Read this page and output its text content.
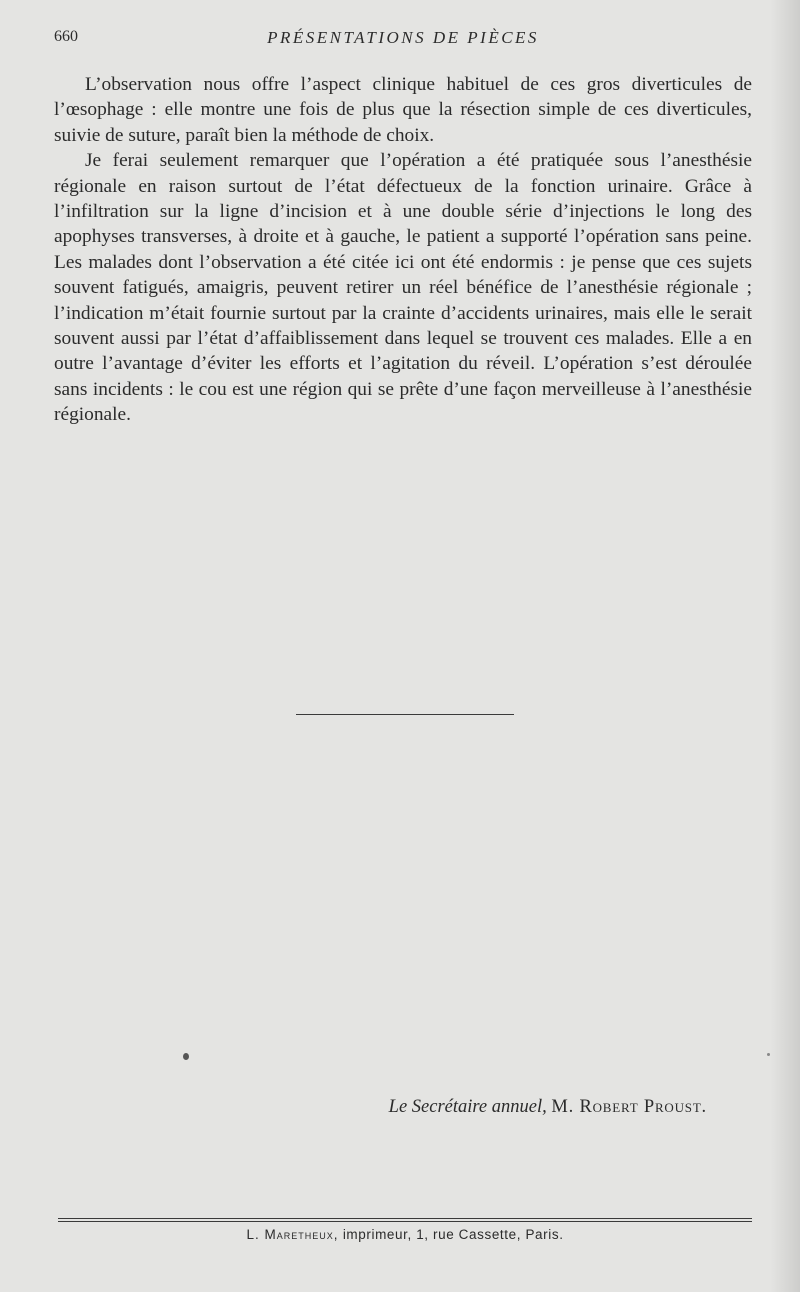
660	PRÉSENTATIONS DE PIÈCES

L’observation nous offre l’aspect clinique habituel de ces gros diverticules de l’œsophage : elle montre une fois de plus que la résection simple de ces diverticules, suivie de suture, paraît bien la méthode de choix.

Je ferai seulement remarquer que l’opération a été pratiquée sous l’anesthésie régionale en raison surtout de l’état défectueux de la fonction urinaire. Grâce à l’infiltration sur la ligne d’incision et à une double série d’injections le long des apophyses transverses, à droite et à gauche, le patient a supporté l’opération sans peine. Les malades dont l’observation a été citée ici ont été endormis : je pense que ces sujets souvent fatigués, amaigris, peuvent retirer un réel bénéfice de l’anesthésie régionale ; l’indication m’était fournie surtout par la crainte d’accidents urinaires, mais elle le serait souvent aussi par l’état d’affaiblissement dans lequel se trouvent ces malades. Elle a en outre l’avantage d’éviter les efforts et l’agitation du réveil. L’opération s’est déroulée sans incidents : le cou est une région qui se prête d’une façon merveilleuse à l’anesthésie régionale.

Le Secrétaire annuel, M. Robert Proust.
L. Maretheux, imprimeur, 1, rue Cassette, Paris.
